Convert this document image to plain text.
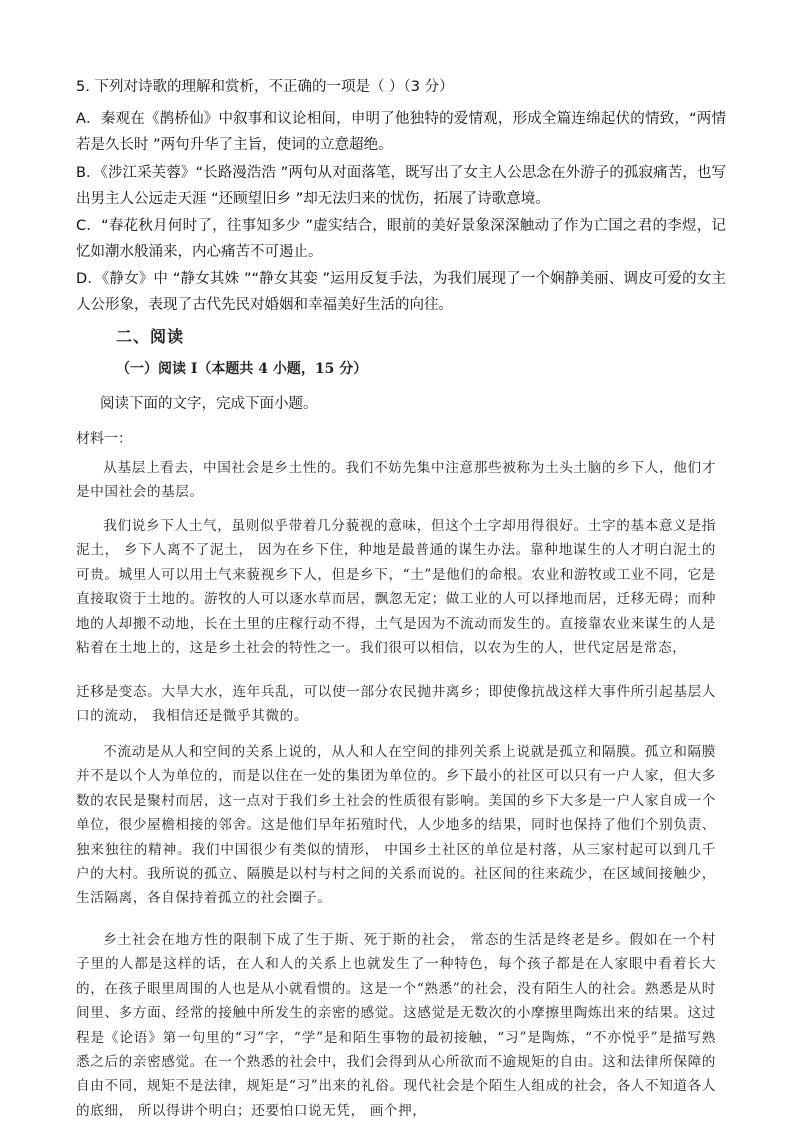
5. 下列对诗歌的理解和赏析，不正确的一项是（ ）（3 分）
A．秦观在《鹊桥仙》中叙事和议论相间，申明了他独特的爱情观，形成全篇连绵起伏的情致，“两情若是久长时 ”两句升华了主旨，使词的立意超绝。
B．《涉江采芙蓉》“长路漫浩浩 ”两句从对面落笔，既写出了女主人公思念在外游子的孤寂痛苦，也写出男主人公远走天涯 “还顾望旧乡 ”却无法归来的忧伤，拓展了诗歌意境。
C．“春花秋月何时了，往事知多少 ”虚实结合，眼前的美好景象深深触动了作为亡国之君的李煜，记忆如潮水般涌来，内心痛苦不可遏止。
D．《静女》中 “静女其姝 ”“静女其娈 ”运用反复手法，为我们展现了一个娴静美丽、调皮可爱的女主人公形象，表现了古代先民对婚姻和幸福美好生活的向往。
二、阅读
（一）阅读 I（本题共 4 小题，15 分）
阅读下面的文字，完成下面小题。
材料一：
从基层上看去，中国社会是乡土性的。我们不妨先集中注意那些被称为土头土脑的乡下人，他们才是中国社会的基层。
我们说乡下人土气，虽则似乎带着几分藐视的意味，但这个土字却用得很好。土字的基本意义是指泥土， 乡下人离不了泥土， 因为在乡下住，种地是最普通的谋生办法。靠种地谋生的人才明白泥土的可贵。城里人可以用土气来藐视乡下人，但是乡下，“土”是他们的命根。农业和游牧或工业不同，它是直接取资于土地的。游牧的人可以逐水草而居，飘忽无定；做工业的人可以择地而居，迁移无碍；而种地的人却搬不动地，长在土里的庄稼行动不得，土气是因为不流动而发生的。直接靠农业来谋生的人是粘着在土地上的，这是乡土社会的特性之一。我们很可以相信，以农为生的人，世代定居是常态，
迁移是变态。大旱大水，连年兵乱，可以使一部分农民抛井离乡；即使像抗战这样大事件所引起基层人口的流动， 我相信还是微乎其微的。
不流动是从人和空间的关系上说的，从人和人在空间的排列关系上说就是孤立和隔膜。孤立和隔膜并不是以个人为单位的，而是以住在一处的集团为单位的。乡下最小的社区可以只有一户人家，但大多数的农民是聚村而居，这一点对于我们乡土社会的性质很有影响。美国的乡下大多是一户人家自成一个单位，很少屋檐相接的邻舍。这是他们早年拓殖时代，人少地多的结果，同时也保持了他们个别负责、独来独往的精神。我们中国很少有类似的情形， 中国乡土社区的单位是村落，从三家村起可以到几千户的大村。我所说的孤立、隔膜是以村与村之间的关系而说的。社区间的往来疏少，在区域间接触少，生活隔离，各自保持着孤立的社会圈子。
乡土社会在地方性的限制下成了生于斯、死于斯的社会， 常态的生活是终老是乡。假如在一个村子里的人都是这样的话，在人和人的关系上也就发生了一种特色，每个孩子都是在人家眼中看着长大的，在孩子眼里周围的人也是从小就看惯的。这是一个“熟悉”的社会，没有陌生人的社会。熟悉是从时间里、多方面、经常的接触中所发生的亲密的感觉。这感觉是无数次的小摩擦里陶炼出来的结果。这过程是《论语》第一句里的“习”字，“学”是和陌生事物的最初接触，“习”是陶炼，“不亦悦乎”是描写熟悉之后的亲密感觉。在一个熟悉的社会中，我们会得到从心所欲而不逾规矩的自由。这和法律所保障的自由不同，规矩不是法律，规矩是“习”出来的礼俗。现代社会是个陌生人组成的社会，各人不知道各人的底细， 所以得讲个明白；还要怕口说无凭， 画个押，
